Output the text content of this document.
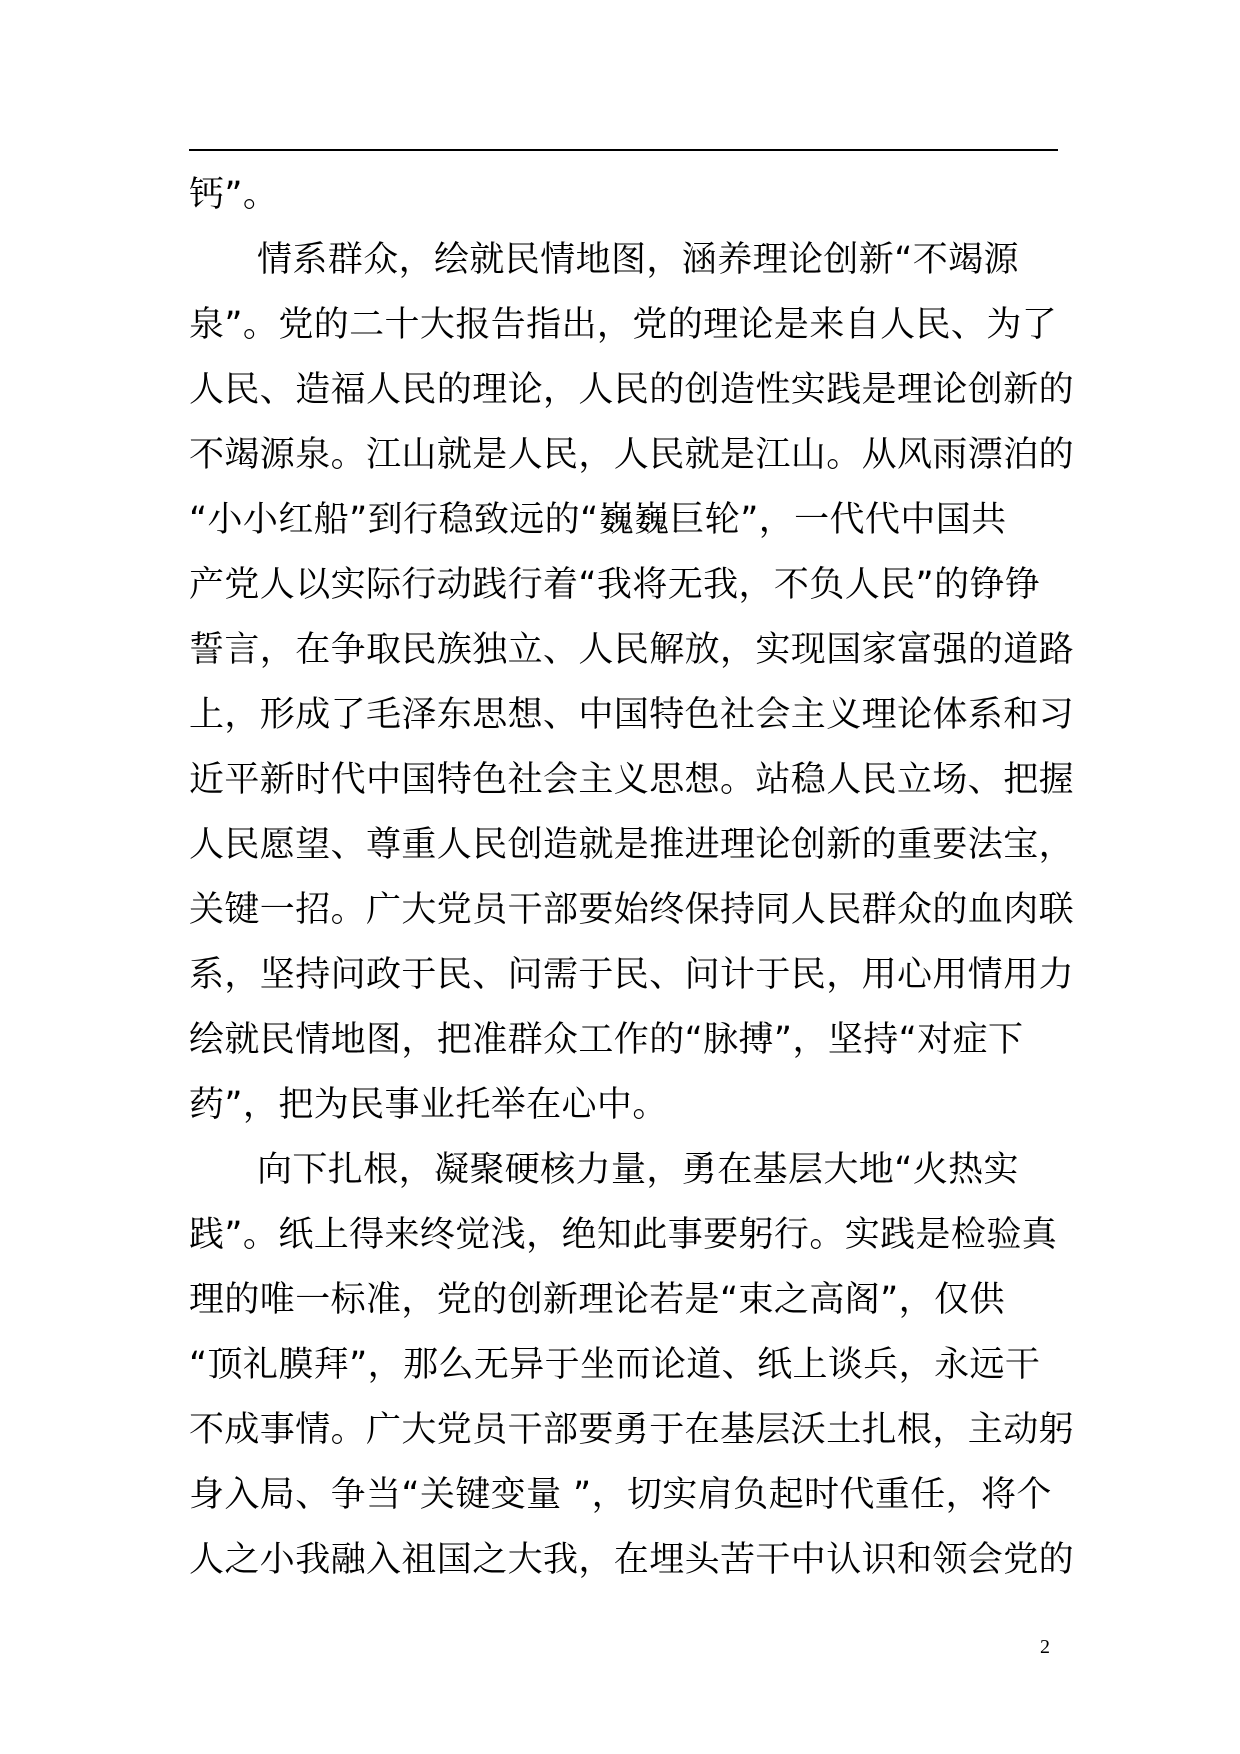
钙”。
情系群众，绘就民情地图，涵养理论创新“不竭源
泉”。党的二十大报告指出，党的理论是来自人民、为了
人民、造福人民的理论，人民的创造性实践是理论创新的
不竭源泉。江山就是人民，人民就是江山。从风雨漂泊的
“小小红船”到行稳致远的“巍巍巨轮”，一代代中国共
产党人以实际行动践行着“我将无我，不负人民”的铮铮
誓言，在争取民族独立、人民解放，实现国家富强的道路
上，形成了毛泽东思想、中国特色社会主义理论体系和习
近平新时代中国特色社会主义思想。站稳人民立场、把握
人民愿望、尊重人民创造就是推进理论创新的重要法宝，
关键一招。广大党员干部要始终保持同人民群众的血肉联
系，坚持问政于民、问需于民、问计于民，用心用情用力
绘就民情地图，把准群众工作的“脉搏”，坚持“对症下
药”，把为民事业托举在心中。
向下扎根，凝聚硬核力量，勇在基层大地“火热实
践”。纸上得来终觉浅，绝知此事要躬行。实践是检验真
理的唯一标准，党的创新理论若是“束之高阁”，仅供
“顶礼膜拜”，那么无异于坐而论道、纸上谈兵，永远干
不成事情。广大党员干部要勇于在基层沃土扎根，主动躬
身入局、争当“关键变量 ”，切实肩负起时代重任，将个
人之小我融入祖国之大我，在埋头苦干中认识和领会党的
2
